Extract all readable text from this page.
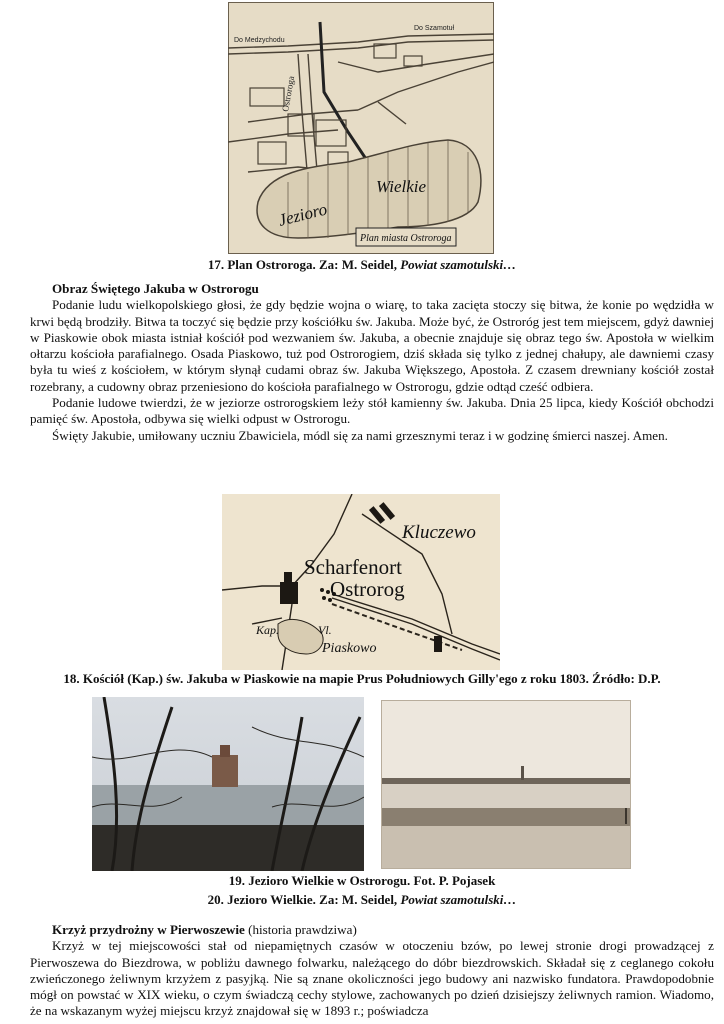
Do Medzychodu
Do Szamotuł
Ostroroga
Wielkie
Jezioro
Plan miasta Ostroroga
17. Plan Ostroroga. Za: M. Seidel, Powiat szamotulski…

Obraz Świętego Jakuba w Ostrorogu

Podanie ludu wielkopolskiego głosi, że gdy będzie wojna o wiarę, to taka zacięta stoczy się bitwa, że konie po wędzidła w krwi będą brodziły. Bitwa ta toczyć się będzie przy kościółku św. Jakuba. Może być, że Ostroróg jest tem miejscem, gdyż dawniej w Piaskowie obok miasta istniał kościół pod wezwaniem św. Jakuba, a obecnie znajduje się obraz tego św. Apostoła w wielkim ołtarzu kościoła parafialnego. Osada Piaskowo, tuż pod Ostrorogiem, dziś składa się tylko z jednej chałupy, ale dawniemi czasy była tu wieś z kościołem, w którym słynął cudami obraz św. Jakuba Większego, Apostoła. Z czasem drewniany kościół został rozebrany, a cudowny obraz przeniesiono do kościoła parafialnego w Ostrorogu, gdzie odtąd cześć odbiera.

Podanie ludowe twierdzi, że w jeziorze ostrorogskiem leży stół kamienny św. Jakuba. Dnia 25 lipca, kiedy Kościół obchodzi pamięć św. Apostoła, odbywa się wielki odpust w Ostrorogu.

Święty Jakubie, umiłowany uczniu Zbawiciela, módl się za nami grzesznymi teraz i w godzinę śmierci naszej. Amen.

Kluczewo
Scharfenort
Ostrorog
Kap.	Vl.
Piaskowo
18. Kościół (Kap.) św. Jakuba w Piaskowie na mapie Prus Południowych Gilly'ego z roku 1803. Źródło: D.P.
19. Jezioro Wielkie w Ostrorogu. Fot. P. Pojasek
20. Jezioro Wielkie. Za: M. Seidel, Powiat szamotulski…

Krzyż przydrożny w Pierwoszewie (historia prawdziwa)

Krzyż w tej miejscowości stał od niepamiętnych czasów w otoczeniu bzów, po lewej stronie drogi prowadzącej z Pierwoszewa do Biezdrowa, w pobliżu dawnego folwarku, należącego do dóbr biezdrowskich. Składał się z ceglanego cokołu zwieńczonego żeliwnym krzyżem z pasyjką. Nie są znane okoliczności jego budowy ani nazwisko fundatora. Prawdopodobnie mógł on powstać w XIX wieku, o czym świadczą cechy stylowe, zachowanych po dzień dzisiejszy żeliwnych ramion. Wiadomo, że na wskazanym wyżej miejscu krzyż znajdował się w 1893 r.; poświadcza
